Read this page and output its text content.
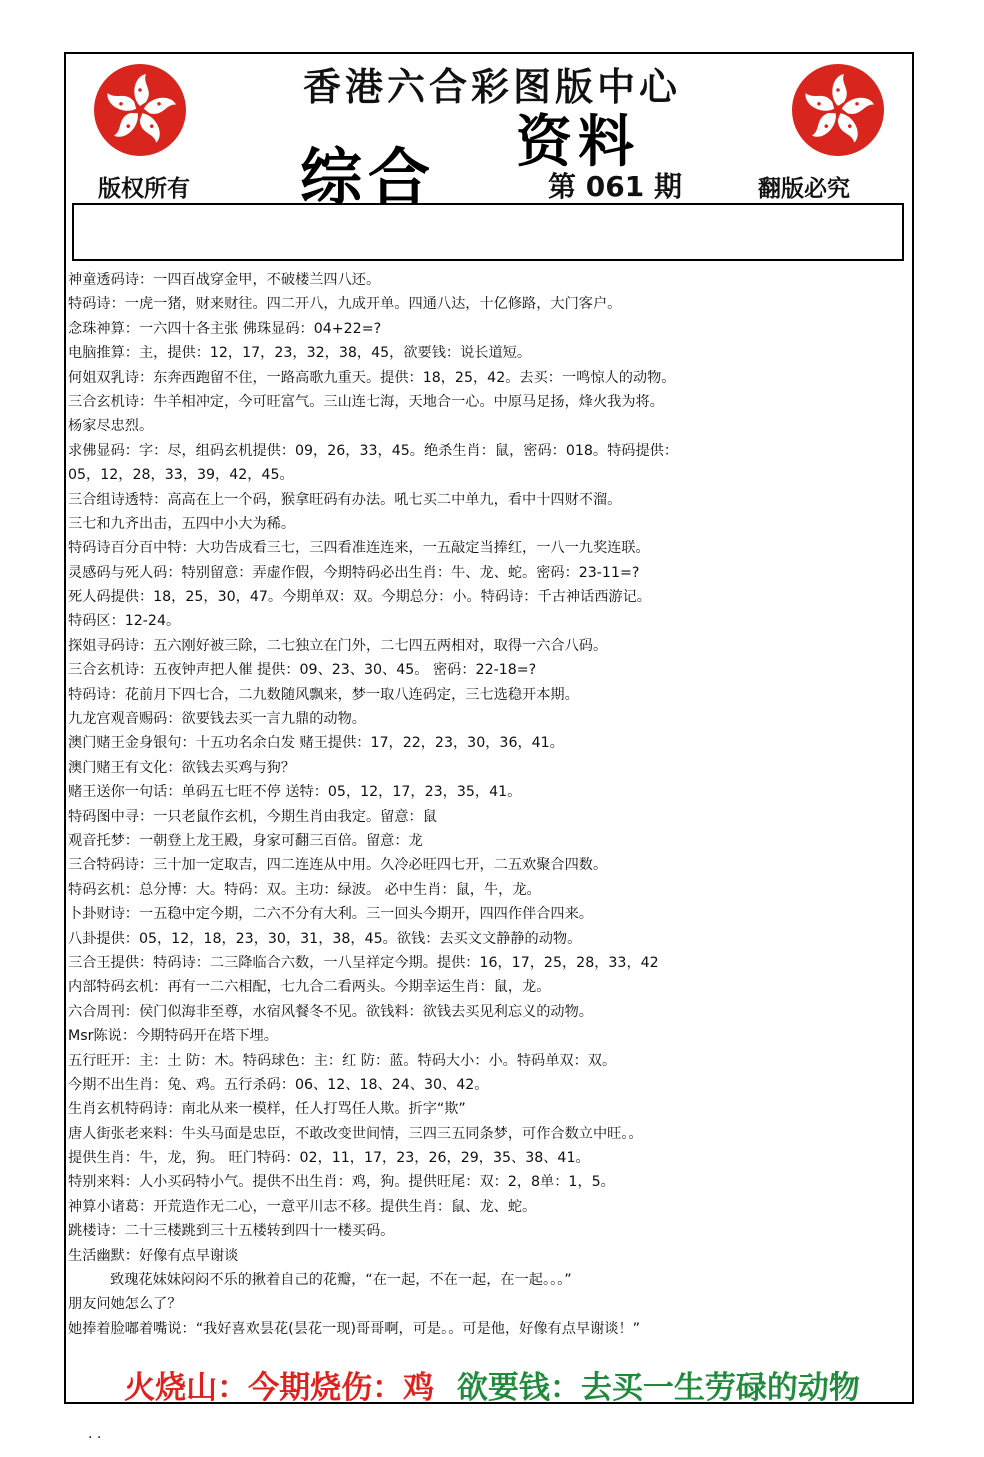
香港六合彩图版中心
综合 资料
版权所有	翻版必究
第 061 期
神童透码诗：一四百战穿金甲，不破楼兰四八还。
特码诗：一虎一猪，财来财往。四二开八，九成开单。四通八达，十亿修路，大门客户。
念珠神算：一六四十各主张 佛珠显码：04+22=?
电脑推算：主，提供：12，17，23，32，38，45，欲要钱：说长道短。
何姐双乳诗：东奔西跑留不住，一路高歌九重天。提供：18，25，42。去买：一鸣惊人的动物。
三合玄机诗：牛羊相冲定，今可旺富气。三山连七海，天地合一心。中原马足扬，烽火我为将。
杨家尽忠烈。
求佛显码：字：尽，组码玄机提供：09，26，33，45。绝杀生肖：鼠，密码：018。特码提供：
05，12，28，33，39，42，45。
三合组诗透特：高高在上一个码，猴拿旺码有办法。吼七买二中单九，看中十四财不溜。
三七和九齐出击，五四中小大为稀。
特码诗百分百中特：大功告成看三七，三四看准连连来，一五敲定当捧红，一八一九奖连联。
灵感码与死人码：特别留意：弄虚作假，今期特码必出生肖：牛、龙、蛇。密码：23-11=?
死人码提供：18，25，30，47。今期单双：双。今期总分：小。特码诗：千古神话西游记。
特码区：12-24。
探姐寻码诗：五六刚好被三除，二七独立在门外，二七四五两相对，取得一六合八码。
三合玄机诗：五夜钟声把人催 提供：09、23、30、45。 密码：22-18=?
特码诗：花前月下四七合，二九数随风飘来，梦一取八连码定，三七选稳开本期。
九龙宫观音赐码：欲要钱去买一言九鼎的动物。
澳门赌王金身银句：十五功名余白发 赌王提供：17，22，23，30，36，41。
澳门赌王有文化：欲钱去买鸡与狗？
赌王送你一句话：单码五七旺不停 送特：05，12，17，23，35，41。
特码图中寻：一只老鼠作玄机，今期生肖由我定。留意：鼠
观音托梦：一朝登上龙王殿，身家可翻三百倍。留意：龙
三合特码诗：三十加一定取吉，四二连连从中用。久冷必旺四七开，二五欢聚合四数。
特码玄机：总分博：大。特码：双。主功：绿波。 必中生肖：鼠，牛，龙。
卜卦财诗：一五稳中定今期，二六不分有大利。三一回头今期开，四四作伴合四来。
八卦提供：05，12，18，23，30，31，38，45。欲钱：去买文文静静的动物。
三合王提供：特码诗：二三降临合六数，一八呈祥定今期。提供：16，17，25，28，33，42
内部特码玄机：再有一二六相配，七九合二看两头。今期幸运生肖：鼠，龙。
六合周刊：侯门似海非至尊，水宿风餐冬不见。欲钱料：欲钱去买见利忘义的动物。
Msr陈说：今期特码开在塔下埋。
五行旺开：主：土 防：木。特码球色：主：红 防：蓝。特码大小：小。特码单双：双。
今期不出生肖：兔、鸡。五行杀码：06、12、18、24、30、42。
生肖玄机特码诗：南北从来一模样，任人打骂任人欺。折字“欺”
唐人街张老来料：牛头马面是忠臣，不敢改变世间情，三四三五同条梦，可作合数立中旺。。
提供生肖：牛，龙，狗。 旺门特码：02，11，17，23，26，29，35、38、41。
特别来料：人小买码特小气。提供不出生肖：鸡，狗。提供旺尾：双：2，8单：1，5。
神算小诸葛：开荒造作无二心，一意平川志不移。提供生肖：鼠、龙、蛇。
跳楼诗：二十三楼跳到三十五楼转到四十一楼买码。
生活幽默：好像有点早谢谈
致瑰花妹妹闷闷不乐的揪着自己的花瓣，“在一起，不在一起，在一起。。。”
朋友问她怎么了？
她捧着脸嘟着嘴说：“我好喜欢昙花(昙花一现)哥哥啊，可是。。可是他，好像有点早谢谈！”
火烧山：今期烧伤：鸡 欲要钱：去买一生劳碌的动物
. .
